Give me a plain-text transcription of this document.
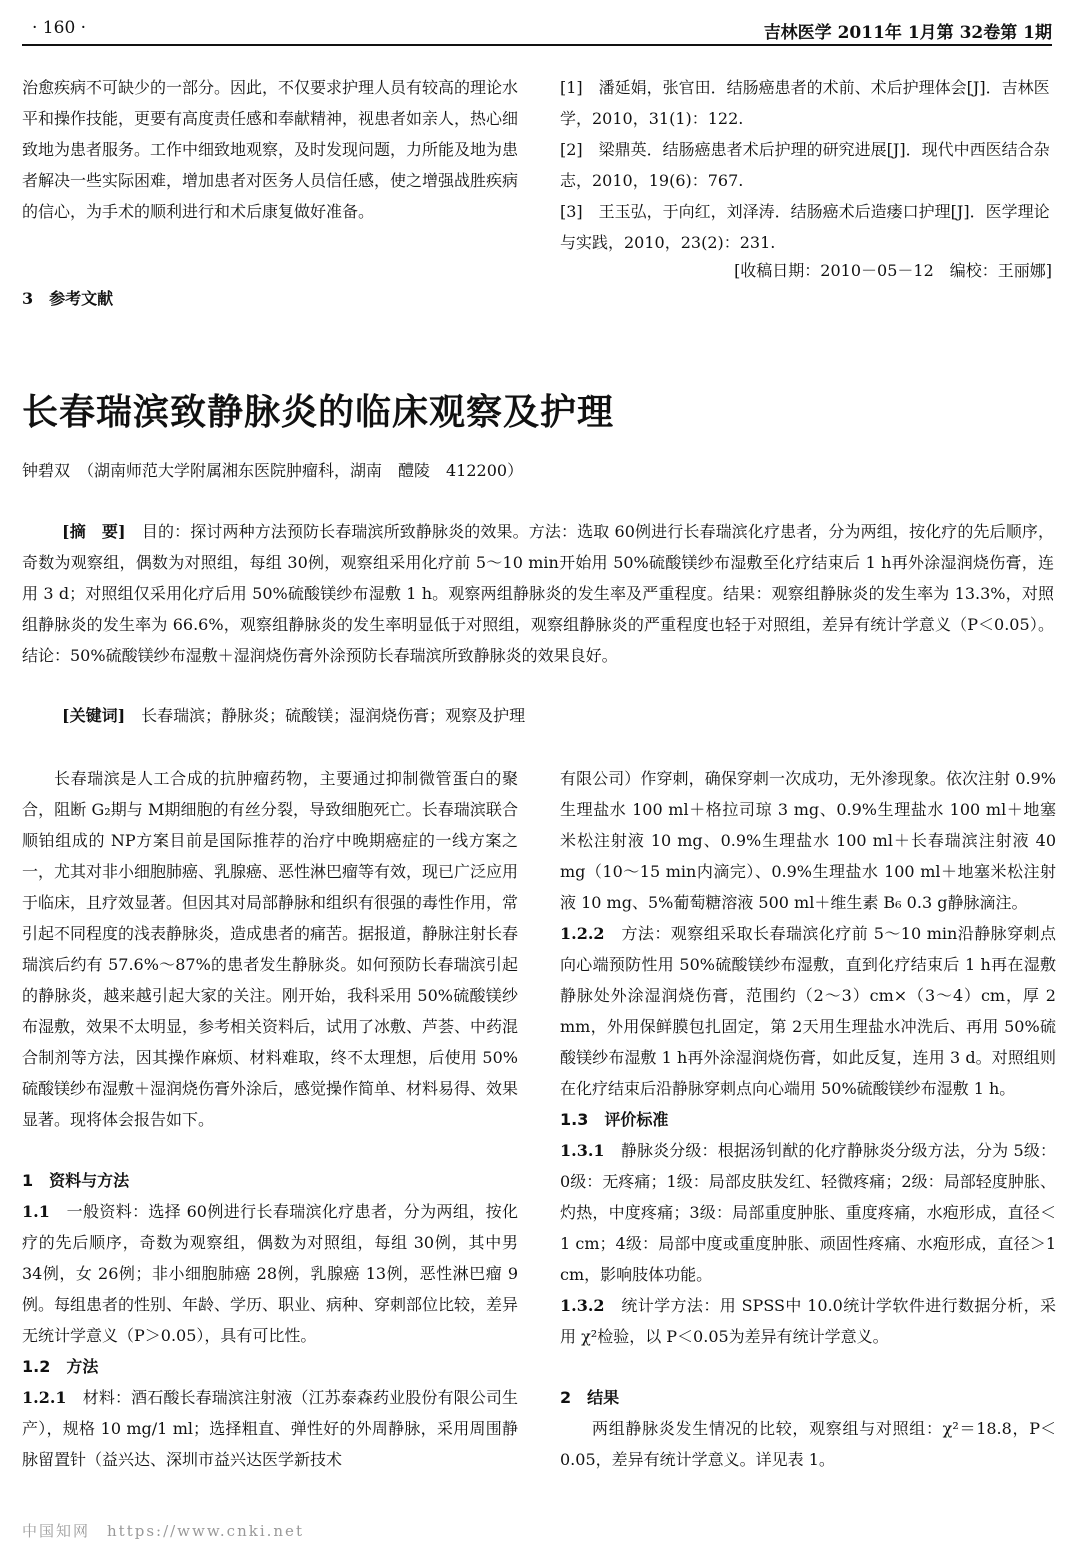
· 160 ·	吉林医学 2011年 1月第 32卷第 1期

治愈疾病不可缺少的一部分。因此，不仅要求护理人员有较高的理论水平和操作技能，更要有高度责任感和奉献精神，视患者如亲人，热心细致地为患者服务。工作中细致地观察，及时发现问题，力所能及地为患者解决一些实际困难，增加患者对医务人员信任感，使之增强战胜疾病的信心，为手术的顺利进行和术后康复做好准备。

[1]　潘延娟，张官田．结肠癌患者的术前、术后护理体会[J]．吉林医学，2010，31(1)：122.

[2]　梁鼎英．结肠癌患者术后护理的研究进展[J]．现代中西医结合杂志，2010，19(6)：767.

[3]　王玉弘，于向红，刘泽涛．结肠癌术后造瘘口护理[J]．医学理论与实践，2010，23(2)：231.

[收稿日期：2010－05－12　编校：王丽娜]
3　参考文献
长春瑞滨致静脉炎的临床观察及护理
钟碧双　（湖南师范大学附属湘东医院肿瘤科，湖南　醴陵　412200）

[摘　要]　 目的：探讨两种方法预防长春瑞滨所致静脉炎的效果。方法：选取 60例进行长春瑞滨化疗患者，分为两组，按化疗的先后顺序，奇数为观察组，偶数为对照组，每组 30例，观察组采用化疗前 5～10 min开始用 50%硫酸镁纱布湿敷至化疗结束后 1 h再外涂湿润烧伤膏，连用 3 d；对照组仅采用化疗后用 50%硫酸镁纱布湿敷 1 h。观察两组静脉炎的发生率及严重程度。结果：观察组静脉炎的发生率为 13.3%，对照组静脉炎的发生率为 66.6%，观察组静脉炎的发生率明显低于对照组，观察组静脉炎的严重程度也轻于对照组，差异有统计学意义（P＜0.05）。结论：50%硫酸镁纱布湿敷＋湿润烧伤膏外涂预防长春瑞滨所致静脉炎的效果良好。

[关键词]　 长春瑞滨；静脉炎；硫酸镁；湿润烧伤膏；观察及护理

长春瑞滨是人工合成的抗肿瘤药物，主要通过抑制微管蛋白的聚合，阻断 G₂期与 M期细胞的有丝分裂，导致细胞死亡。长春瑞滨联合顺铂组成的 NP方案目前是国际推荐的治疗中晚期癌症的一线方案之一，尤其对非小细胞肺癌、乳腺癌、恶性淋巴瘤等有效，现已广泛应用于临床，且疗效显著。但因其对局部静脉和组织有很强的毒性作用，常引起不同程度的浅表静脉炎，造成患者的痛苦。据报道，静脉注射长春瑞滨后约有 57.6%～87%的患者发生静脉炎。如何预防长春瑞滨引起的静脉炎，越来越引起大家的关注。刚开始，我科采用 50%硫酸镁纱布湿敷，效果不太明显，参考相关资料后，试用了冰敷、芦荟、中药混合制剂等方法，因其操作麻烦、材料难取，终不太理想，后使用 50%硫酸镁纱布湿敷＋湿润烧伤膏外涂后，感觉操作简单、材料易得、效果显著。现将体会报告如下。

1　资料与方法

1.1　 一般资料：选择 60例进行长春瑞滨化疗患者，分为两组，按化疗的先后顺序，奇数为观察组，偶数为对照组，每组 30例，其中男 34例，女 26例；非小细胞肺癌 28例，乳腺癌 13例，恶性淋巴瘤 9例。每组患者的性别、年龄、学历、职业、病种、穿刺部位比较，差异无统计学意义（P＞0.05），具有可比性。

1.2　方法

1.2.1　 材料：酒石酸长春瑞滨注射液（江苏泰森药业股份有限公司生产），规格 10 mg/1 ml；选择粗直、弹性好的外周静脉，采用周围静脉留置针（益兴达、深圳市益兴达医学新技术

有限公司）作穿刺，确保穿刺一次成功，无外渗现象。依次注射 0.9%生理盐水 100 ml＋格拉司琼 3 mg、0.9%生理盐水 100 ml＋地塞米松注射液 10 mg、0.9%生理盐水 100 ml＋长春瑞滨注射液 40 mg（10～15 min内滴完）、0.9%生理盐水 100 ml＋地塞米松注射液 10 mg、5%葡萄糖溶液 500 ml＋维生素 B₆ 0.3 g静脉滴注。

1.2.2　 方法：观察组采取长春瑞滨化疗前 5～10 min沿静脉穿刺点向心端预防性用 50%硫酸镁纱布湿敷，直到化疗结束后 1 h再在湿敷静脉处外涂湿润烧伤膏，范围约（2～3）cm×（3～4）cm，厚 2 mm，外用保鲜膜包扎固定，第 2天用生理盐水冲洗后、再用 50%硫酸镁纱布湿敷 1 h再外涂湿润烧伤膏，如此反复，连用 3 d。对照组则在化疗结束后沿静脉穿刺点向心端用 50%硫酸镁纱布湿敷 1 h。

1.3　评价标准

1.3.1　 静脉炎分级：根据汤钊猷的化疗静脉炎分级方法，分为 5级：0级：无疼痛；1级：局部皮肤发红、轻微疼痛；2级：局部轻度肿胀、灼热，中度疼痛；3级：局部重度肿胀、重度疼痛，水疱形成，直径＜1 cm；4级：局部中度或重度肿胀、顽固性疼痛、水疱形成，直径＞1 cm，影响肢体功能。

1.3.2　 统计学方法：用 SPSS中 10.0统计学软件进行数据分析，采用 χ²检验，以 P＜0.05为差异有统计学意义。

2　结果

两组静脉炎发生情况的比较，观察组与对照组：χ²＝18.8，P＜0.05，差异有统计学意义。详见表 1。

中国知网　https://www.cnki.net
